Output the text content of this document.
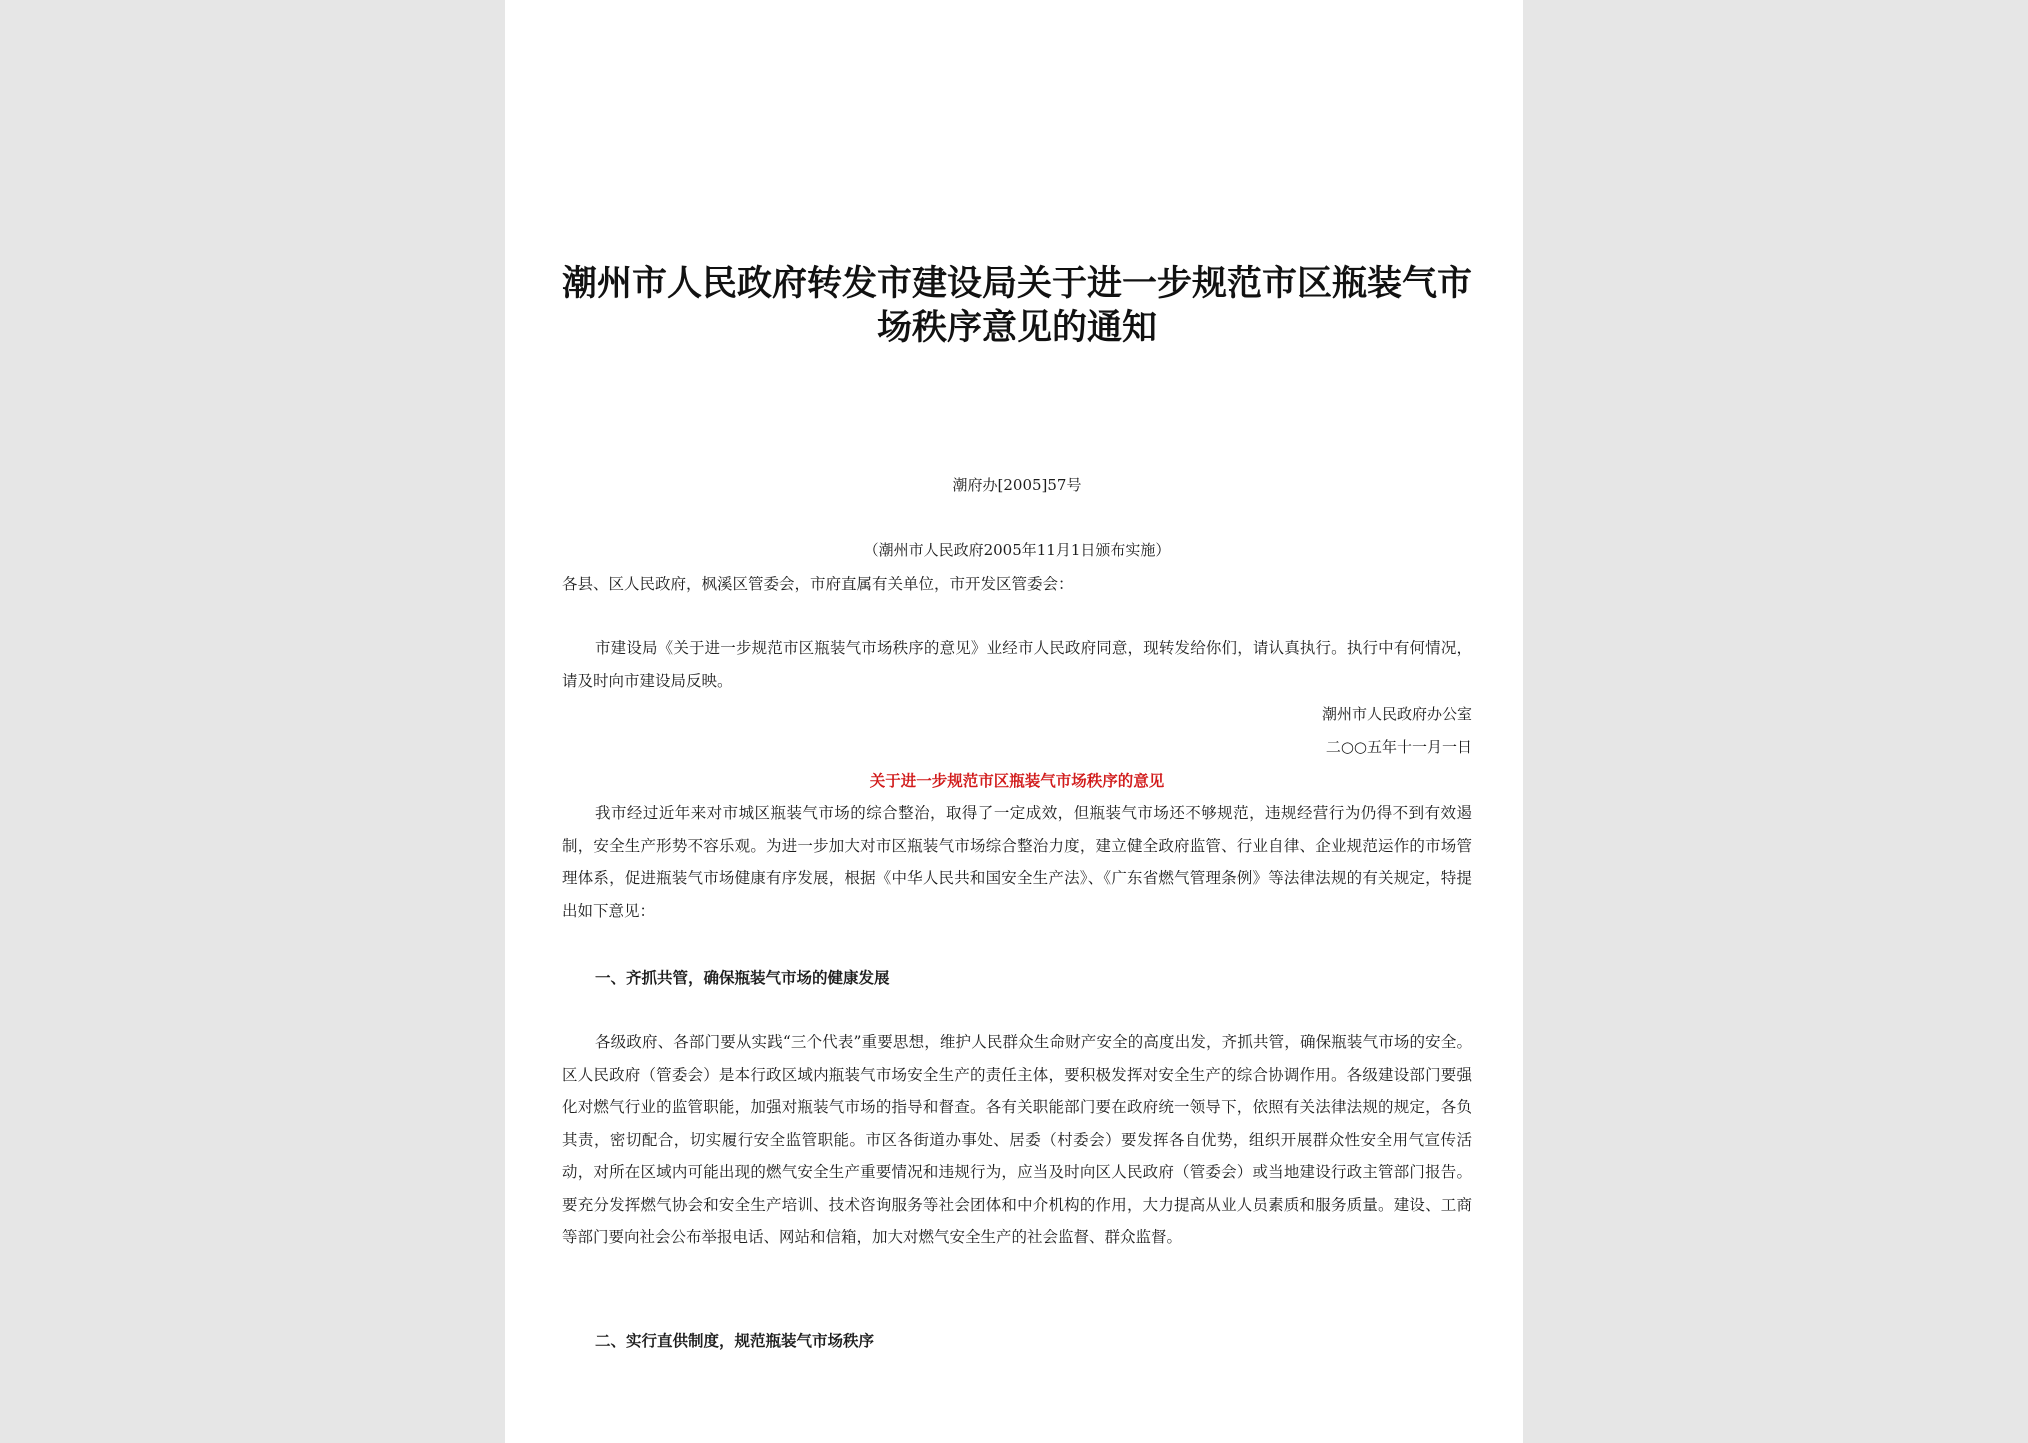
潮州市人民政府转发市建设局关于进一步规范市区瓶装气市场秩序意见的通知
潮府办[2005]57号
（潮州市人民政府2005年11月1日颁布实施）

各县、区人民政府，枫溪区管委会，市府直属有关单位，市开发区管委会：

市建设局《关于进一步规范市区瓶装气市场秩序的意见》业经市人民政府同意，现转发给你们，请认真执行。执行中有何情况，请及时向市建设局反映。

潮州市人民政府办公室
二○○五年十一月一日
关于进一步规范市区瓶装气市场秩序的意见

我市经过近年来对市城区瓶装气市场的综合整治，取得了一定成效，但瓶装气市场还不够规范，违规经营行为仍得不到有效遏制，安全生产形势不容乐观。为进一步加大对市区瓶装气市场综合整治力度，建立健全政府监管、行业自律、企业规范运作的市场管理体系，促进瓶装气市场健康有序发展，根据《中华人民共和国安全生产法》、《广东省燃气管理条例》等法律法规的有关规定，特提出如下意见：

一、齐抓共管，确保瓶装气市场的健康发展

各级政府、各部门要从实践“三个代表”重要思想，维护人民群众生命财产安全的高度出发，齐抓共管，确保瓶装气市场的安全。区人民政府（管委会）是本行政区域内瓶装气市场安全生产的责任主体，要积极发挥对安全生产的综合协调作用。各级建设部门要强化对燃气行业的监管职能，加强对瓶装气市场的指导和督查。各有关职能部门要在政府统一领导下，依照有关法律法规的规定，各负其责，密切配合，切实履行安全监管职能。市区各街道办事处、居委（村委会）要发挥各自优势，组织开展群众性安全用气宣传活动，对所在区域内可能出现的燃气安全生产重要情况和违规行为，应当及时向区人民政府（管委会）或当地建设行政主管部门报告。要充分发挥燃气协会和安全生产培训、技术咨询服务等社会团体和中介机构的作用，大力提高从业人员素质和服务质量。建设、工商等部门要向社会公布举报电话、网站和信箱，加大对燃气安全生产的社会监督、群众监督。

二、实行直供制度，规范瓶装气市场秩序
